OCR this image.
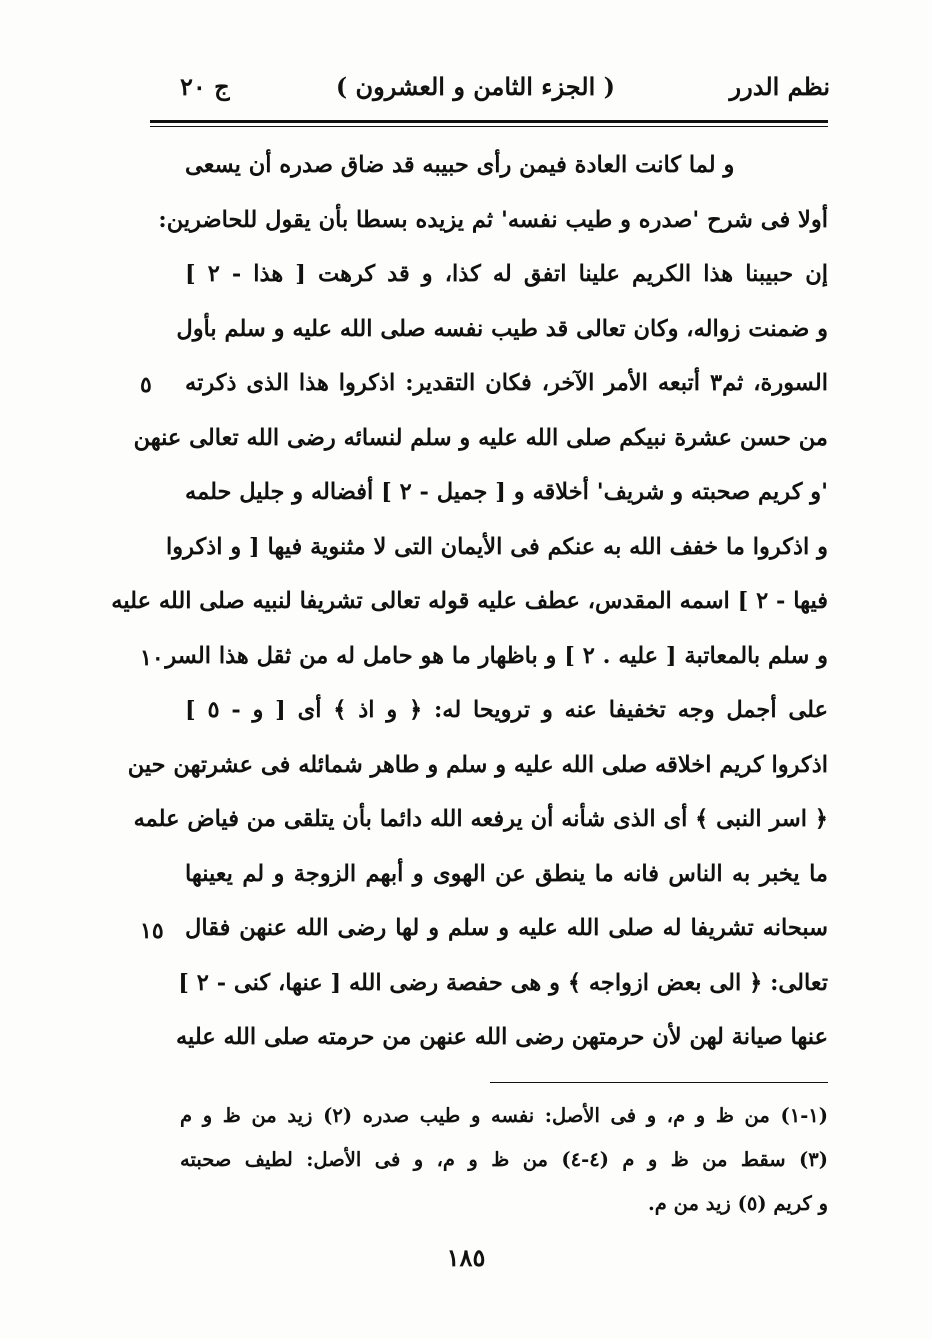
نظم الدرر
( الجزء الثامن و العشرون )
ج ٢٠
و لما كانت العادة فيمن رأى حبيبه قد ضاق صدره أن يسعى
أولا فى شرح 'صدره و طيب نفسه' ثم يزيده بسطا بأن يقول للحاضرين:
إن حبيبنا هذا الكريم علينا اتفق له كذا، و قد كرهت [ هذا - ٢ ]
و ضمنت زواله، وكان تعالى قد طيب نفسه صلى الله عليه و سلم بأول
السورة، ثم٣ أتبعه الأمر الآخر، فكان التقدير: اذكروا هذا الذى ذكرته
من حسن عشرة نبيكم صلى الله عليه و سلم لنسائه رضى الله تعالى عنهن
'و كريم صحبته و شريف' أخلاقه و [ جميل - ٢ ] أفضاله و جليل حلمه
و اذكروا ما خفف الله به عنكم فى الأيمان التى لا مثنوية فيها [ و اذكروا
فيها - ٢ ] اسمه المقدس، عطف عليه قوله تعالى تشريفا لنبيه صلى الله عليه
و سلم بالمعاتبة [ عليه . ٢ ] و باظهار ما هو حامل له من ثقل هذا السر
على أجمل وجه تخفيفا عنه و ترويحا له: ﴿ و اذ ﴾ أى [ و - ٥ ]
اذكروا كريم اخلاقه صلى الله عليه و سلم و طاهر شمائله فى عشرتهن حين
﴿ اسر النبى ﴾ أى الذى شأنه أن يرفعه الله دائما بأن يتلقى من فياض علمه
ما يخبر به الناس فانه ما ينطق عن الهوى و أبهم الزوجة و لم يعينها
سبحانه تشريفا له صلى الله عليه و سلم و لها رضى الله عنهن فقال
تعالى: ﴿ الى بعض ازواجه ﴾ و هى حفصة رضى الله [ عنها، كنى - ٢ ]
عنها صيانة لهن لأن حرمتهن رضى الله عنهن من حرمته صلى الله عليه
٥
١٠
١٥
(١-١) من ظ و م، و فى الأصل: نفسه و طيب صدره (٢) زيد من ظ و م
(٣) سقط من ظ و م (٤-٤) من ظ و م، و فى الأصل: لطيف صحبته
و كريم (٥) زيد من م.
١٨٥
